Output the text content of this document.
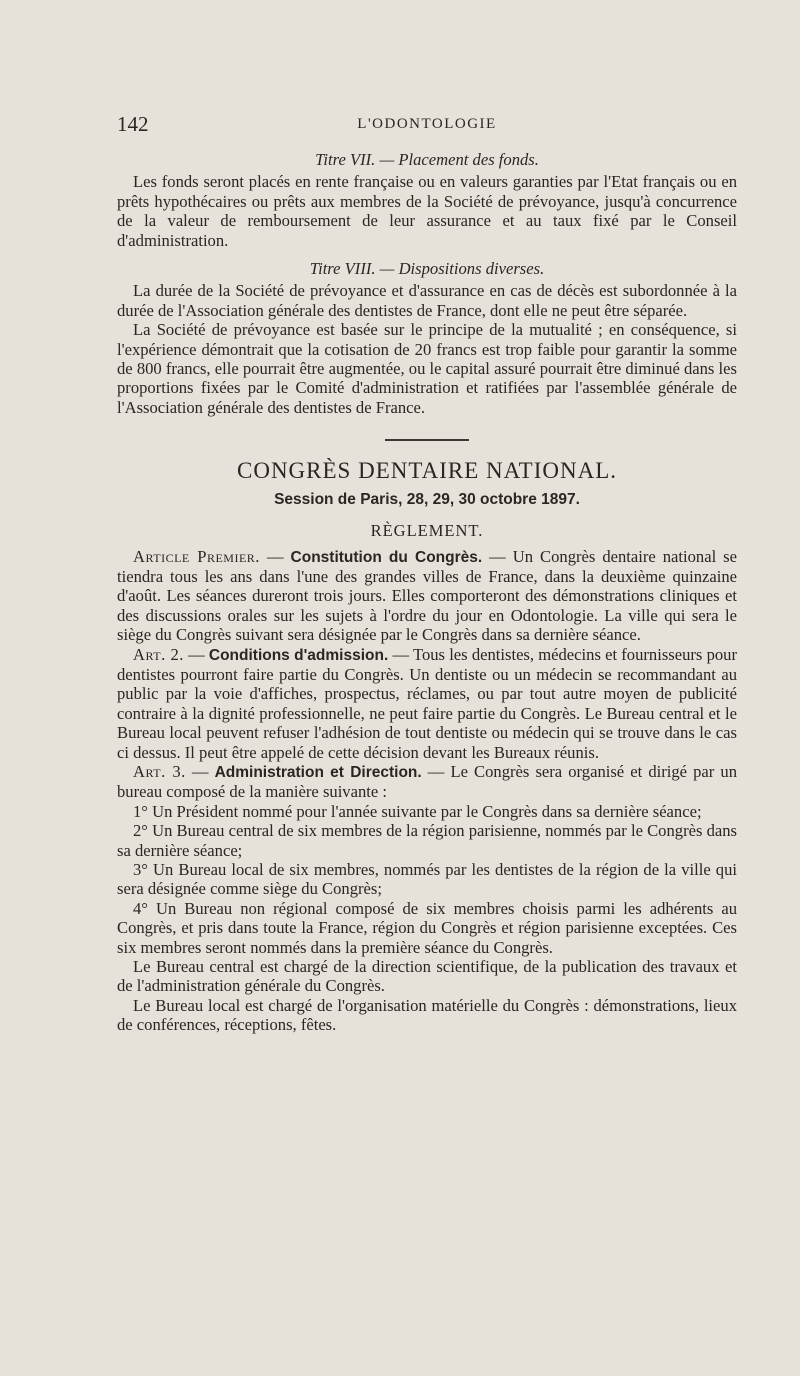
142	L'ODONTOLOGIE
Titre VII. — Placement des fonds.

Les fonds seront placés en rente française ou en valeurs garanties par l'Etat français ou en prêts hypothécaires ou prêts aux membres de la Société de prévoyance, jusqu'à concurrence de la valeur de remboursement de leur assurance et au taux fixé par le Conseil d'administration.

Titre VIII. — Dispositions diverses.

La durée de la Société de prévoyance et d'assurance en cas de décès est subordonnée à la durée de l'Association générale des dentistes de France, dont elle ne peut être séparée.

La Société de prévoyance est basée sur le principe de la mutualité ; en conséquence, si l'expérience démontrait que la cotisation de 20 francs est trop faible pour garantir la somme de 800 francs, elle pourrait être augmentée, ou le capital assuré pourrait être diminué dans les proportions fixées par le Comité d'administration et ratifiées par l'assemblée générale de l'Association générale des dentistes de France.

CONGRÈS DENTAIRE NATIONAL.
Session de Paris, 28, 29, 30 octobre 1897.
RÈGLEMENT.

Article Premier. — Constitution du Congrès. — Un Congrès dentaire national se tiendra tous les ans dans l'une des grandes villes de France, dans la deuxième quinzaine d'août. Les séances dureront trois jours. Elles comporteront des démonstrations cliniques et des discussions orales sur les sujets à l'ordre du jour en Odontologie. La ville qui sera le siège du Congrès suivant sera désignée par le Congrès dans sa dernière séance.

Art. 2. — Conditions d'admission. — Tous les dentistes, médecins et fournisseurs pour dentistes pourront faire partie du Congrès. Un dentiste ou un médecin se recommandant au public par la voie d'affiches, prospectus, réclames, ou par tout autre moyen de publicité contraire à la dignité professionnelle, ne peut faire partie du Congrès. Le Bureau central et le Bureau local peuvent refuser l'adhésion de tout dentiste ou médecin qui se trouve dans le cas ci dessus. Il peut être appelé de cette décision devant les Bureaux réunis.

Art. 3. — Administration et Direction. — Le Congrès sera organisé et dirigé par un bureau composé de la manière suivante :

1° Un Président nommé pour l'année suivante par le Congrès dans sa dernière séance;

2° Un Bureau central de six membres de la région parisienne, nommés par le Congrès dans sa dernière séance;

3° Un Bureau local de six membres, nommés par les dentistes de la région de la ville qui sera désignée comme siège du Congrès;

4° Un Bureau non régional composé de six membres choisis parmi les adhérents au Congrès, et pris dans toute la France, région du Congrès et région parisienne exceptées. Ces six membres seront nommés dans la première séance du Congrès.

Le Bureau central est chargé de la direction scientifique, de la publication des travaux et de l'administration générale du Congrès.

Le Bureau local est chargé de l'organisation matérielle du Congrès : démonstrations, lieux de conférences, réceptions, fêtes.
